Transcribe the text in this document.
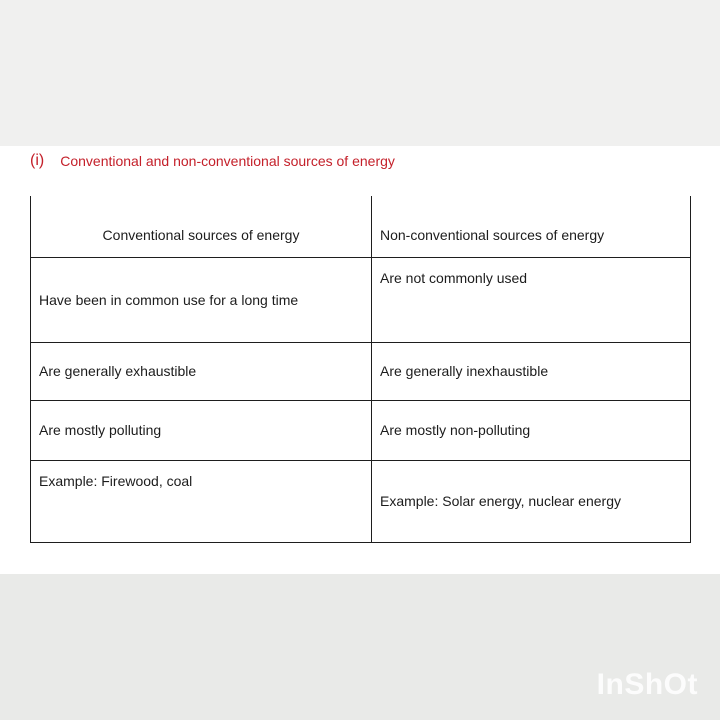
(i) Conventional and non-conventional sources of energy
Conventional sources of energy	Non-conventional sources of energy
Have been in common use for a long time	Are not commonly used
Are generally exhaustible	Are generally inexhaustible
Are mostly polluting	Are mostly non-polluting
Example: Firewood, coal	Example: Solar energy, nuclear energy
InShOt
